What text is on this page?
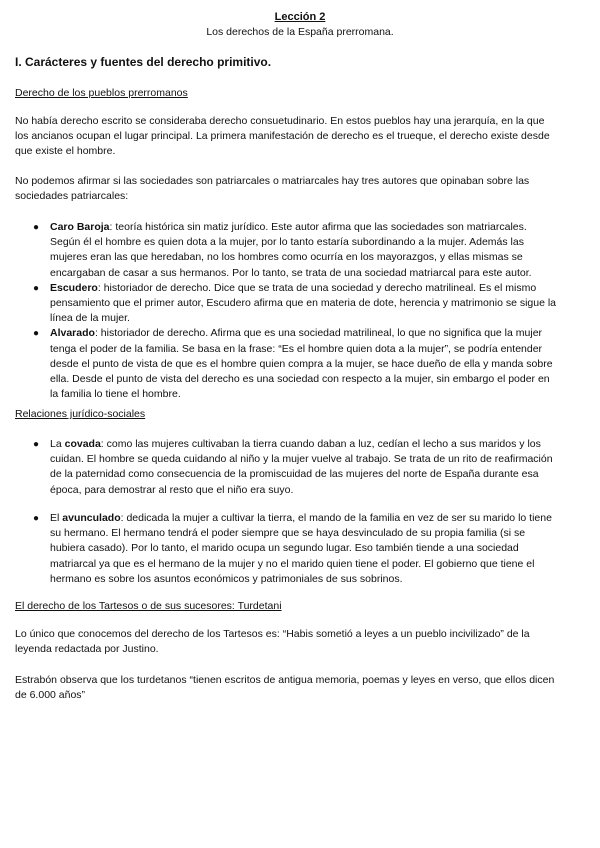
Lección 2
Los derechos de la España prerromana.
I. Carácteres y fuentes del derecho primitivo.
Derecho de los pueblos prerromanos

No había derecho escrito se consideraba derecho consuetudinario. En estos pueblos hay una jerarquía, en la que los ancianos ocupan el lugar principal. La primera manifestación de derecho es el trueque, el derecho existe desde que existe el hombre.

No podemos afirmar si las sociedades son patriarcales o matriarcales hay tres autores que opinaban sobre las sociedades patriarcales:

● Caro Baroja: teoría histórica sin matiz jurídico. Este autor afirma que las sociedades son matriarcales. Según él el hombre es quien dota a la mujer, por lo tanto estaría subordinando a la mujer. Además las mujeres eran las que heredaban, no los hombres como ocurría en los mayorazgos, y ellas mismas se encargaban de casar a sus hermanos. Por lo tanto, se trata de una sociedad matriarcal para este autor.
● Escudero: historiador de derecho. Dice que se trata de una sociedad y derecho matrilineal. Es el mismo pensamiento que el primer autor, Escudero afirma que en materia de dote, herencia y matrimonio se sigue la línea de la mujer.
● Alvarado: historiador de derecho. Afirma que es una sociedad matrilineal, lo que no significa que la mujer tenga el poder de la familia. Se basa en la frase: “Es el hombre quien dota a la mujer”, se podría entender desde el punto de vista de que es el hombre quien compra a la mujer, se hace dueño de ella y manda sobre ella. Desde el punto de vista del derecho es una sociedad con respecto a la mujer, sin embargo el poder en la familia lo tiene el hombre.
Relaciones jurídico-sociales
● La covada: como las mujeres cultivaban la tierra cuando daban a luz, cedían el lecho a sus maridos y los cuidan. El hombre se queda cuidando al niño y la mujer vuelve al trabajo. Se trata de un rito de reafirmación de la paternidad como consecuencia de la promiscuidad de las mujeres del norte de España durante esa época, para demostrar al resto que el niño era suyo.
● El avunculado: dedicada la mujer a cultivar la tierra, el mando de la familia en vez de ser su marido lo tiene su hermano. El hermano tendrá el poder siempre que se haya desvinculado de su propia familia (si se hubiera casado). Por lo tanto, el marido ocupa un segundo lugar. Eso también tiende a una sociedad matriarcal ya que es el hermano de la mujer y no el marido quien tiene el poder. El gobierno que tiene el hermano es sobre los asuntos económicos y patrimoniales de sus sobrinos.
El derecho de los Tartesos o de sus sucesores: Turdetani

Lo único que conocemos del derecho de los Tartesos es: “Habis sometió a leyes a un pueblo incivilizado” de la leyenda redactada por Justino.

Estrabón observa que los turdetanos “tienen escritos de antigua memoria, poemas y leyes en verso, que ellos dicen de 6.000 años”
